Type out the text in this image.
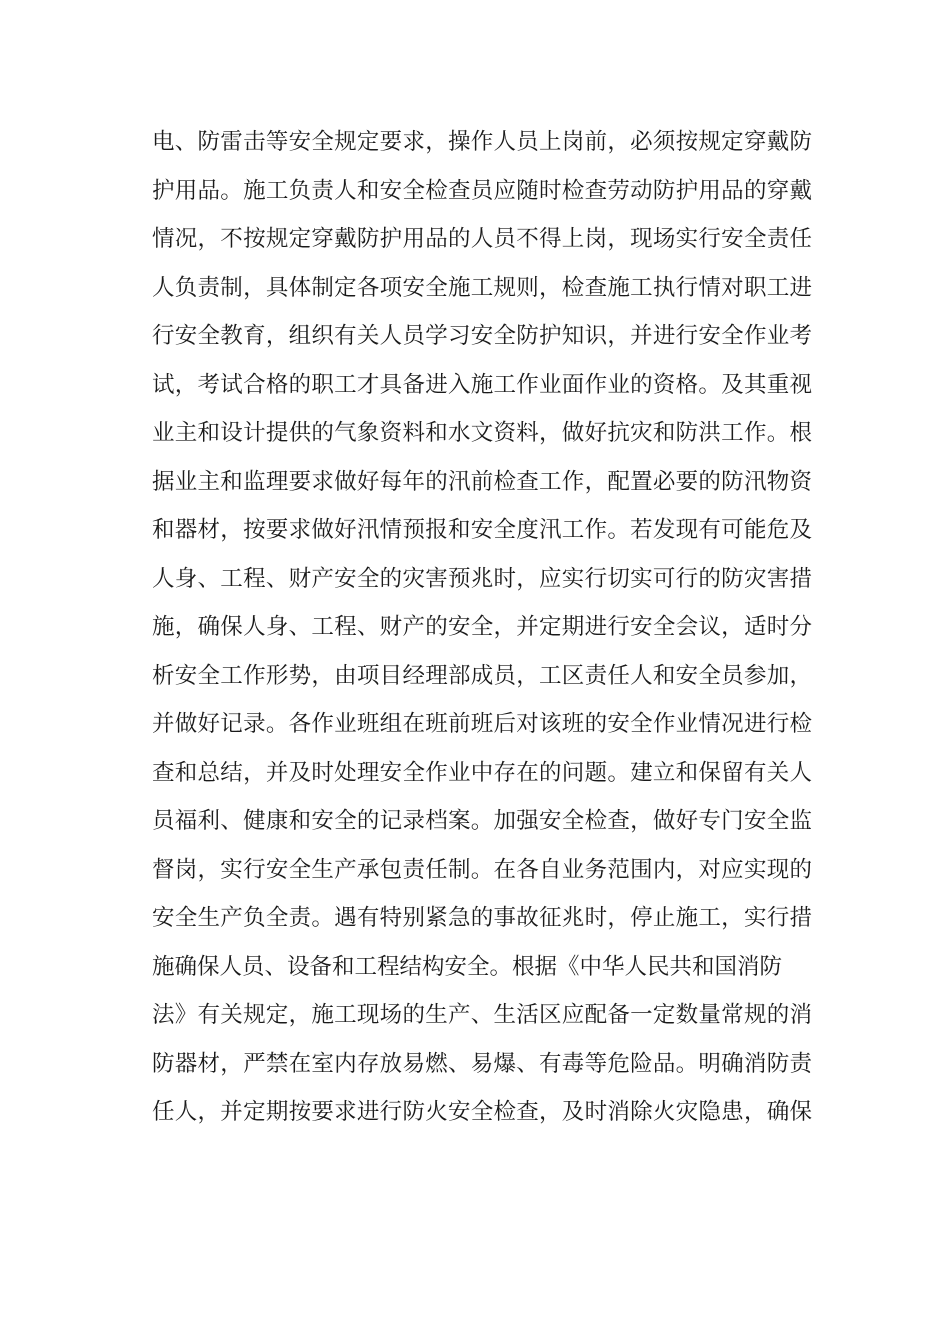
电、防雷击等安全规定要求，操作人员上岗前，必须按规定穿戴防
护用品。施工负责人和安全检查员应随时检查劳动防护用品的穿戴
情况，不按规定穿戴防护用品的人员不得上岗，现场实行安全责任
人负责制，具体制定各项安全施工规则，检查施工执行情对职工进
行安全教育，组织有关人员学习安全防护知识，并进行安全作业考
试，考试合格的职工才具备进入施工作业面作业的资格。及其重视
业主和设计提供的气象资料和水文资料，做好抗灾和防洪工作。根
据业主和监理要求做好每年的汛前检查工作，配置必要的防汛物资
和器材，按要求做好汛情预报和安全度汛工作。若发现有可能危及
人身、工程、财产安全的灾害预兆时，应实行切实可行的防灾害措
施，确保人身、工程、财产的安全，并定期进行安全会议，适时分
析安全工作形势，由项目经理部成员，工区责任人和安全员参加，
并做好记录。各作业班组在班前班后对该班的安全作业情况进行检
查和总结，并及时处理安全作业中存在的问题。建立和保留有关人
员福利、健康和安全的记录档案。加强安全检查，做好专门安全监
督岗，实行安全生产承包责任制。在各自业务范围内，对应实现的
安全生产负全责。遇有特别紧急的事故征兆时，停止施工，实行措
施确保人员、设备和工程结构安全。根据《中华人民共和国消防
法》有关规定，施工现场的生产、生活区应配备一定数量常规的消
防器材，严禁在室内存放易燃、易爆、有毒等危险品。明确消防责
任人，并定期按要求进行防火安全检查，及时消除火灾隐患，确保
